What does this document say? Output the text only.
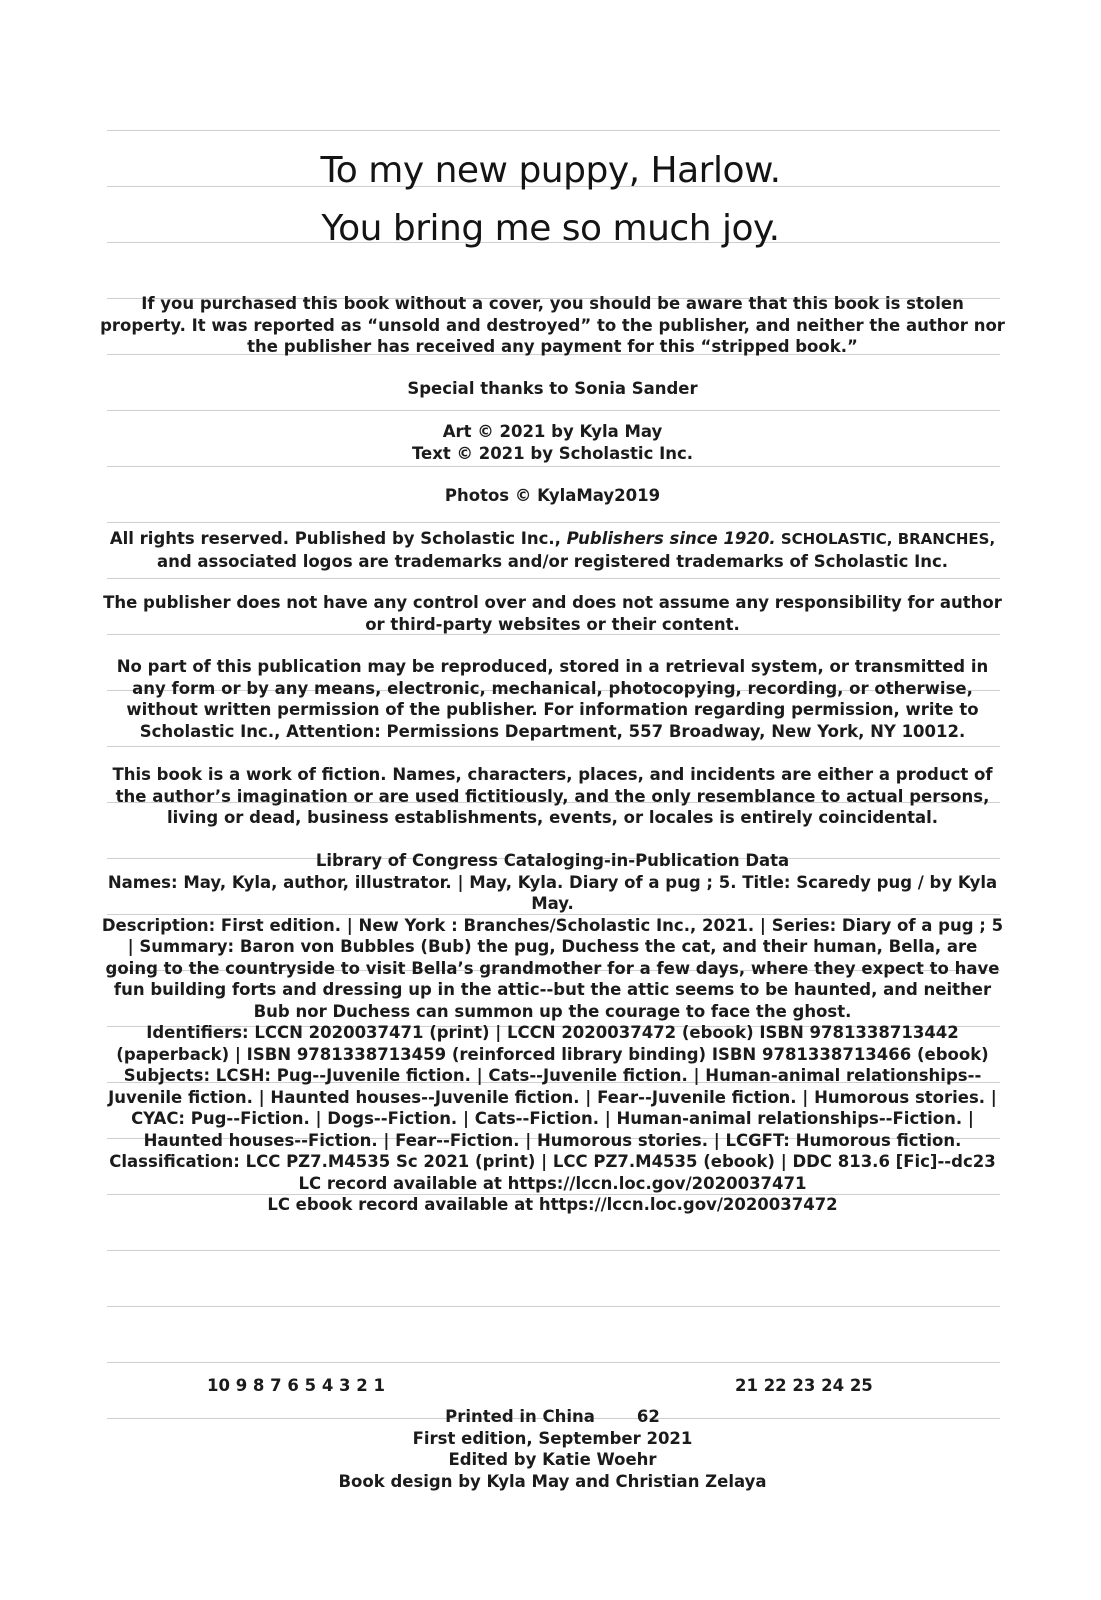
To my new puppy, Harlow.
You bring me so much joy.

If you purchased this book without a cover, you should be aware that this book is stolen property. It was reported as “unsold and destroyed” to the publisher, and neither the author nor the publisher has received any payment for this “stripped book.”

Special thanks to Sonia Sander

Art © 2021 by Kyla May

Text © 2021 by Scholastic Inc.

Photos © KylaMay2019

All rights reserved. Published by Scholastic Inc., Publishers since 1920. SCHOLASTIC, BRANCHES, and associated logos are trademarks and/or registered trademarks of Scholastic Inc.

The publisher does not have any control over and does not assume any responsibility for author or third-party websites or their content.

No part of this publication may be reproduced, stored in a retrieval system, or transmitted in any form or by any means, electronic, mechanical, photocopying, recording, or otherwise, without written permission of the publisher. For information regarding permission, write to Scholastic Inc., Attention: Permissions Department, 557 Broadway, New York, NY 10012.

This book is a work of fiction. Names, characters, places, and incidents are either a product of the author’s imagination or are used fictitiously, and the only resemblance to actual persons, living or dead, business establishments, events, or locales is entirely coincidental.

Library of Congress Cataloging-in-Publication Data

Names: May, Kyla, author, illustrator. | May, Kyla. Diary of a pug ; 5. Title: Scaredy pug / by Kyla May.

Description: First edition. | New York : Branches/Scholastic Inc., 2021. | Series: Diary of a pug ; 5 | Summary: Baron von Bubbles (Bub) the pug, Duchess the cat, and their human, Bella, are going to the countryside to visit Bella’s grandmother for a few days, where they expect to have fun building forts and dressing up in the attic--but the attic seems to be haunted, and neither Bub nor Duchess can summon up the courage to face the ghost.

Identifiers: LCCN 2020037471 (print) | LCCN 2020037472 (ebook) ISBN 9781338713442 (paperback) | ISBN 9781338713459 (reinforced library binding) ISBN 9781338713466 (ebook)

Subjects: LCSH: Pug--Juvenile fiction. | Cats--Juvenile fiction. | Human-animal relationships--Juvenile fiction. | Haunted houses--Juvenile fiction. | Fear--Juvenile fiction. | Humorous stories. | CYAC: Pug--Fiction. | Dogs--Fiction. | Cats--Fiction. | Human-animal relationships--Fiction. | Haunted houses--Fiction. | Fear--Fiction. | Humorous stories. | LCGFT: Humorous fiction.

Classification: LCC PZ7.M4535 Sc 2021 (print) | LCC PZ7.M4535 (ebook) | DDC 813.6 [Fic]--dc23

LC record available at https://lccn.loc.gov/2020037471

LC ebook record available at https://lccn.loc.gov/2020037472

10 9 8 7 6 5 4 3 2 1	21 22 23 24 25

Printed in China	62

First edition, September 2021

Edited by Katie Woehr

Book design by Kyla May and Christian Zelaya
